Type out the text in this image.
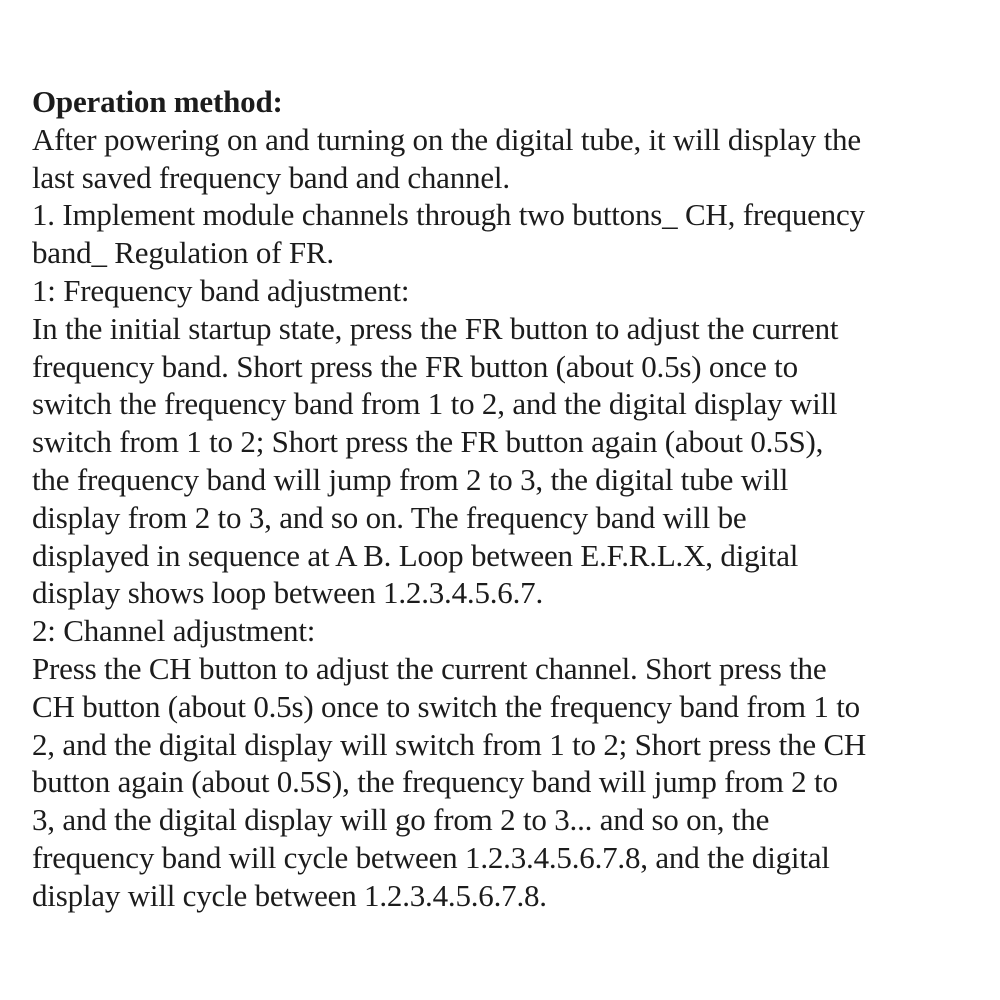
Operation method:
After powering on and turning on the digital tube, it will display the
last saved frequency band and channel.
1. Implement module channels through two buttons_ CH, frequency
band_ Regulation of FR.
1: Frequency band adjustment:
In the initial startup state, press the FR button to adjust the current
frequency band. Short press the FR button (about 0.5s) once to
switch the frequency band from 1 to 2, and the digital display will
switch from 1 to 2; Short press the FR button again (about 0.5S),
the frequency band will jump from 2 to 3, the digital tube will
display from 2 to 3, and so on. The frequency band will be
displayed in sequence at A B. Loop between E.F.R.L.X, digital
display shows loop between 1.2.3.4.5.6.7.
2: Channel adjustment:
Press the CH button to adjust the current channel. Short press the
CH button (about 0.5s) once to switch the frequency band from 1 to
2, and the digital display will switch from 1 to 2; Short press the CH
button again (about 0.5S), the frequency band will jump from 2 to
3, and the digital display will go from 2 to 3... and so on, the
frequency band will cycle between 1.2.3.4.5.6.7.8, and the digital
display will cycle between 1.2.3.4.5.6.7.8.
